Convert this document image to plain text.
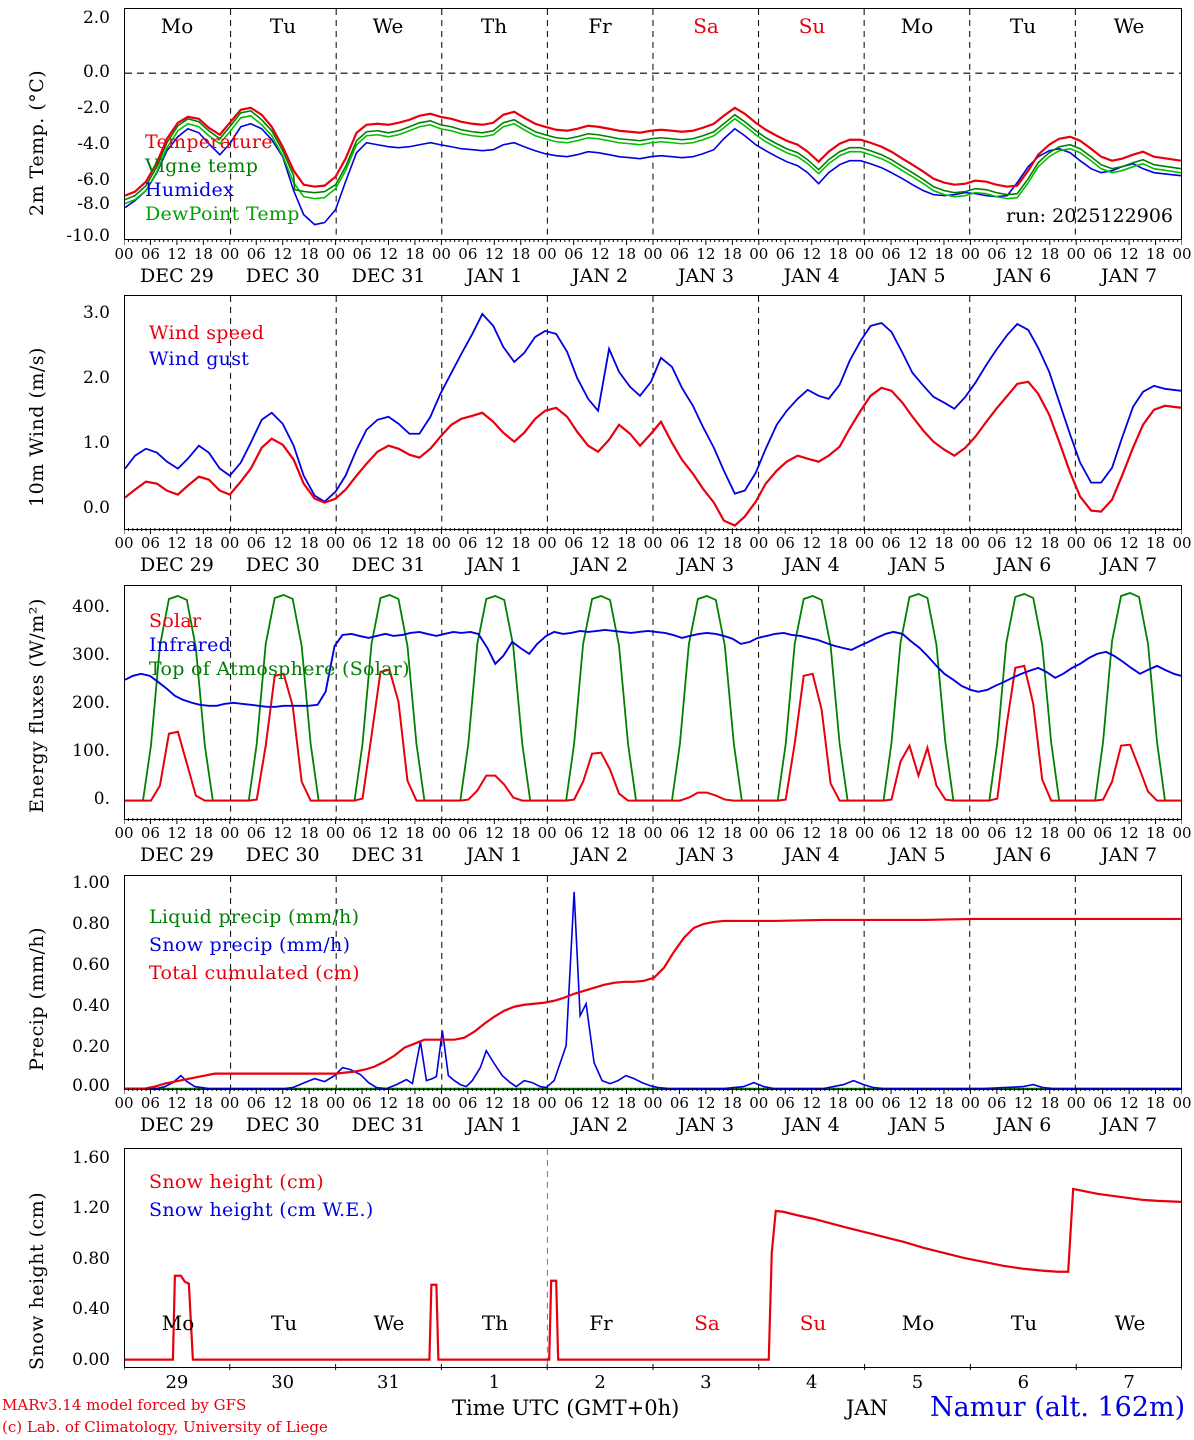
Temperature
Vigne temp
Humidex
DewPoint Temp	run: 2025122906
2.0
0.0
-2.0
-4.0
-6.0
-8.0
-10.0
2m Temp. (°C)
Mo	Tu	We	Th	Fr	Sa	Su	Mo	Tu	We
00 06 12 18 00 06 12 18 00 06 12 18 00 06 12 18 00 06 12 18 00 06 12 18 00 06 12 18 00 06 12 18 00 06 12 18 00 06 12 18 00
DEC 29 DEC 30 DEC 31 JAN 1	JAN 2	JAN 3	JAN 4	JAN 5	JAN 6	JAN 7
Wind speed
Wind gust
3.0
2.0
1.0
0.0
10m Wind (m/s)
00 06 12 18 00 06 12 18 00 06 12 18 00 06 12 18 00 06 12 18 00 06 12 18 00 06 12 18 00 06 12 18 00 06 12 18 00 06 12 18 00
DEC 29 DEC 30 DEC 31 JAN 1	JAN 2	JAN 3	JAN 4	JAN 5	JAN 6	JAN 7
Solar
Infrared
Top of Atmosphere (Solar)
400.
300.
200.
100.
0.
Energy fluxes (W/m²)
00 06 12 18 00 06 12 18 00 06 12 18 00 06 12 18 00 06 12 18 00 06 12 18 00 06 12 18 00 06 12 18 00 06 12 18 00 06 12 18 00
DEC 29 DEC 30 DEC 31 JAN 1	JAN 2	JAN 3	JAN 4	JAN 5	JAN 6	JAN 7
Liquid precip (mm/h)
Snow precip (mm/h)
Total cumulated (cm)
1.00
0.80
0.60
0.40
0.20
0.00
Precip (mm/h)
00 06 12 18 00 06 12 18 00 06 12 18 00 06 12 18 00 06 12 18 00 06 12 18 00 06 12 18 00 06 12 18 00 06 12 18 00 06 12 18 00
DEC 29 DEC 30 DEC 31 JAN 1	JAN 2	JAN 3	JAN 4	JAN 5	JAN 6	JAN 7
Snow height (cm)
Snow height (cm W.E.)
Mo	Tu	We	Th	Fr	Sa	Su	Mo	Tu	We
1.60
1.20
0.80
0.40
0.00
Snow height (cm)
29	30	31	1	2	3	4	5	6	7
MARv3.14 model forced by GFS
(c) Lab. of Climatology, University of Liege
Time UTC (GMT+0h)	JAN Namur (alt. 162m)
